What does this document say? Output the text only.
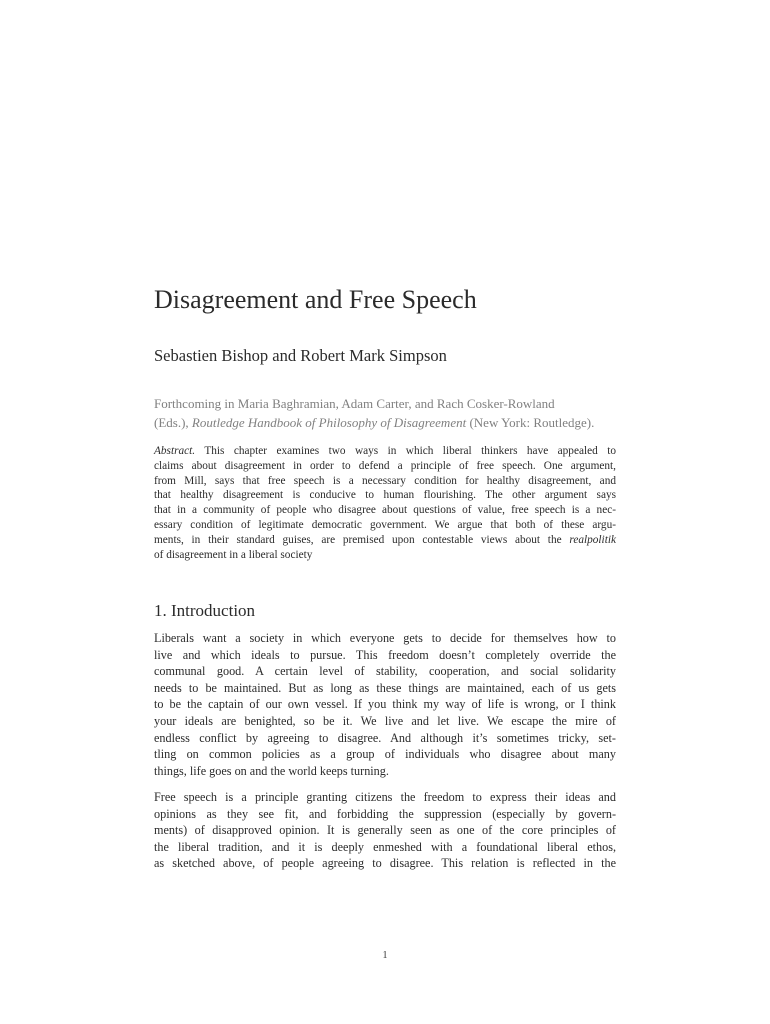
Disagreement and Free Speech

Sebastien Bishop and Robert Mark Simpson

Forthcoming in Maria Baghramian, Adam Carter, and Rach Cosker-Rowland
(Eds.), Routledge Handbook of Philosophy of Disagreement (New York: Routledge).

Abstract. This chapter examines two ways in which liberal thinkers have appealed to
claims about disagreement in order to defend a principle of free speech. One argument,
from Mill, says that free speech is a necessary condition for healthy disagreement, and
that healthy disagreement is conducive to human flourishing. The other argument says
that in a community of people who disagree about questions of value, free speech is a nec-
essary condition of legitimate democratic government. We argue that both of these argu-
ments, in their standard guises, are premised upon contestable views about the realpolitik
of disagreement in a liberal society

1. Introduction

Liberals want a society in which everyone gets to decide for themselves how to
live and which ideals to pursue. This freedom doesn’t completely override the
communal good. A certain level of stability, cooperation, and social solidarity
needs to be maintained. But as long as these things are maintained, each of us gets
to be the captain of our own vessel. If you think my way of life is wrong, or I think
your ideals are benighted, so be it. We live and let live. We escape the mire of
endless conflict by agreeing to disagree. And although it’s sometimes tricky, set-
tling on common policies as a group of individuals who disagree about many
things, life goes on and the world keeps turning.

Free speech is a principle granting citizens the freedom to express their ideas and
opinions as they see fit, and forbidding the suppression (especially by govern-
ments) of disapproved opinion. It is generally seen as one of the core principles of
the liberal tradition, and it is deeply enmeshed with a foundational liberal ethos,
as sketched above, of people agreeing to disagree. This relation is reflected in the

1
